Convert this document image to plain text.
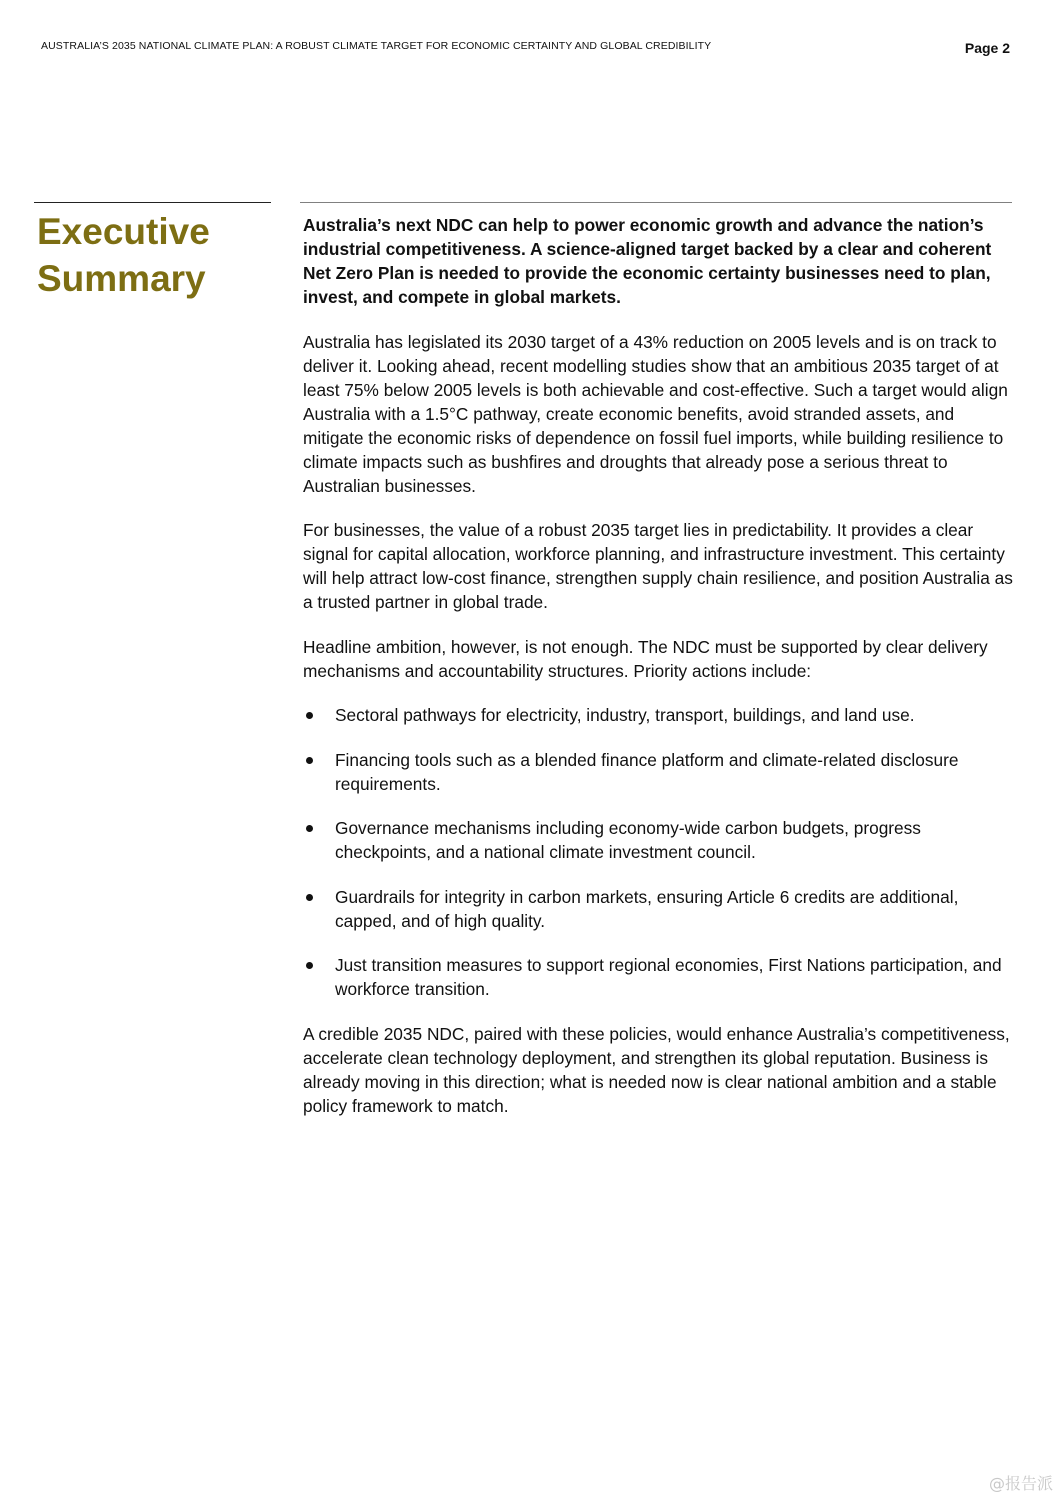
AUSTRALIA’S 2035 NATIONAL CLIMATE PLAN: A ROBUST CLIMATE TARGET FOR ECONOMIC CERTAINTY AND GLOBAL CREDIBILITY	Page 2
Executive
Summary

Australia’s next NDC can help to power economic growth and advance the nation’s industrial competitiveness. A science-aligned target backed by a clear and coherent Net Zero Plan is needed to provide the economic certainty businesses need to plan, invest, and compete in global markets.

Australia has legislated its 2030 target of a 43% reduction on 2005 levels and is on track to deliver it. Looking ahead, recent modelling studies show that an ambitious 2035 target of at least 75% below 2005 levels is both achievable and cost-effective. Such a target would align Australia with a 1.5°C pathway, create economic benefits, avoid stranded assets, and mitigate the economic risks of dependence on fossil fuel imports, while building resilience to climate impacts such as bushfires and droughts that already pose a serious threat to Australian businesses.

For businesses, the value of a robust 2035 target lies in predictability. It provides a clear signal for capital allocation, workforce planning, and infrastructure investment. This certainty will help attract low-cost finance, strengthen supply chain resilience, and position Australia as a trusted partner in global trade.

Headline ambition, however, is not enough. The NDC must be supported by clear delivery mechanisms and accountability structures. Priority actions include:

Sectoral pathways for electricity, industry, transport, buildings, and land use.
Financing tools such as a blended finance platform and climate-related disclosure requirements.
Governance mechanisms including economy-wide carbon budgets, progress checkpoints, and a national climate investment council.
Guardrails for integrity in carbon markets, ensuring Article 6 credits are additional, capped, and of high quality.
Just transition measures to support regional economies, First Nations participation, and workforce transition.

A credible 2035 NDC, paired with these policies, would enhance Australia’s competitiveness, accelerate clean technology deployment, and strengthen its global reputation. Business is already moving in this direction; what is needed now is clear national ambition and a stable policy framework to match.

@报告派
